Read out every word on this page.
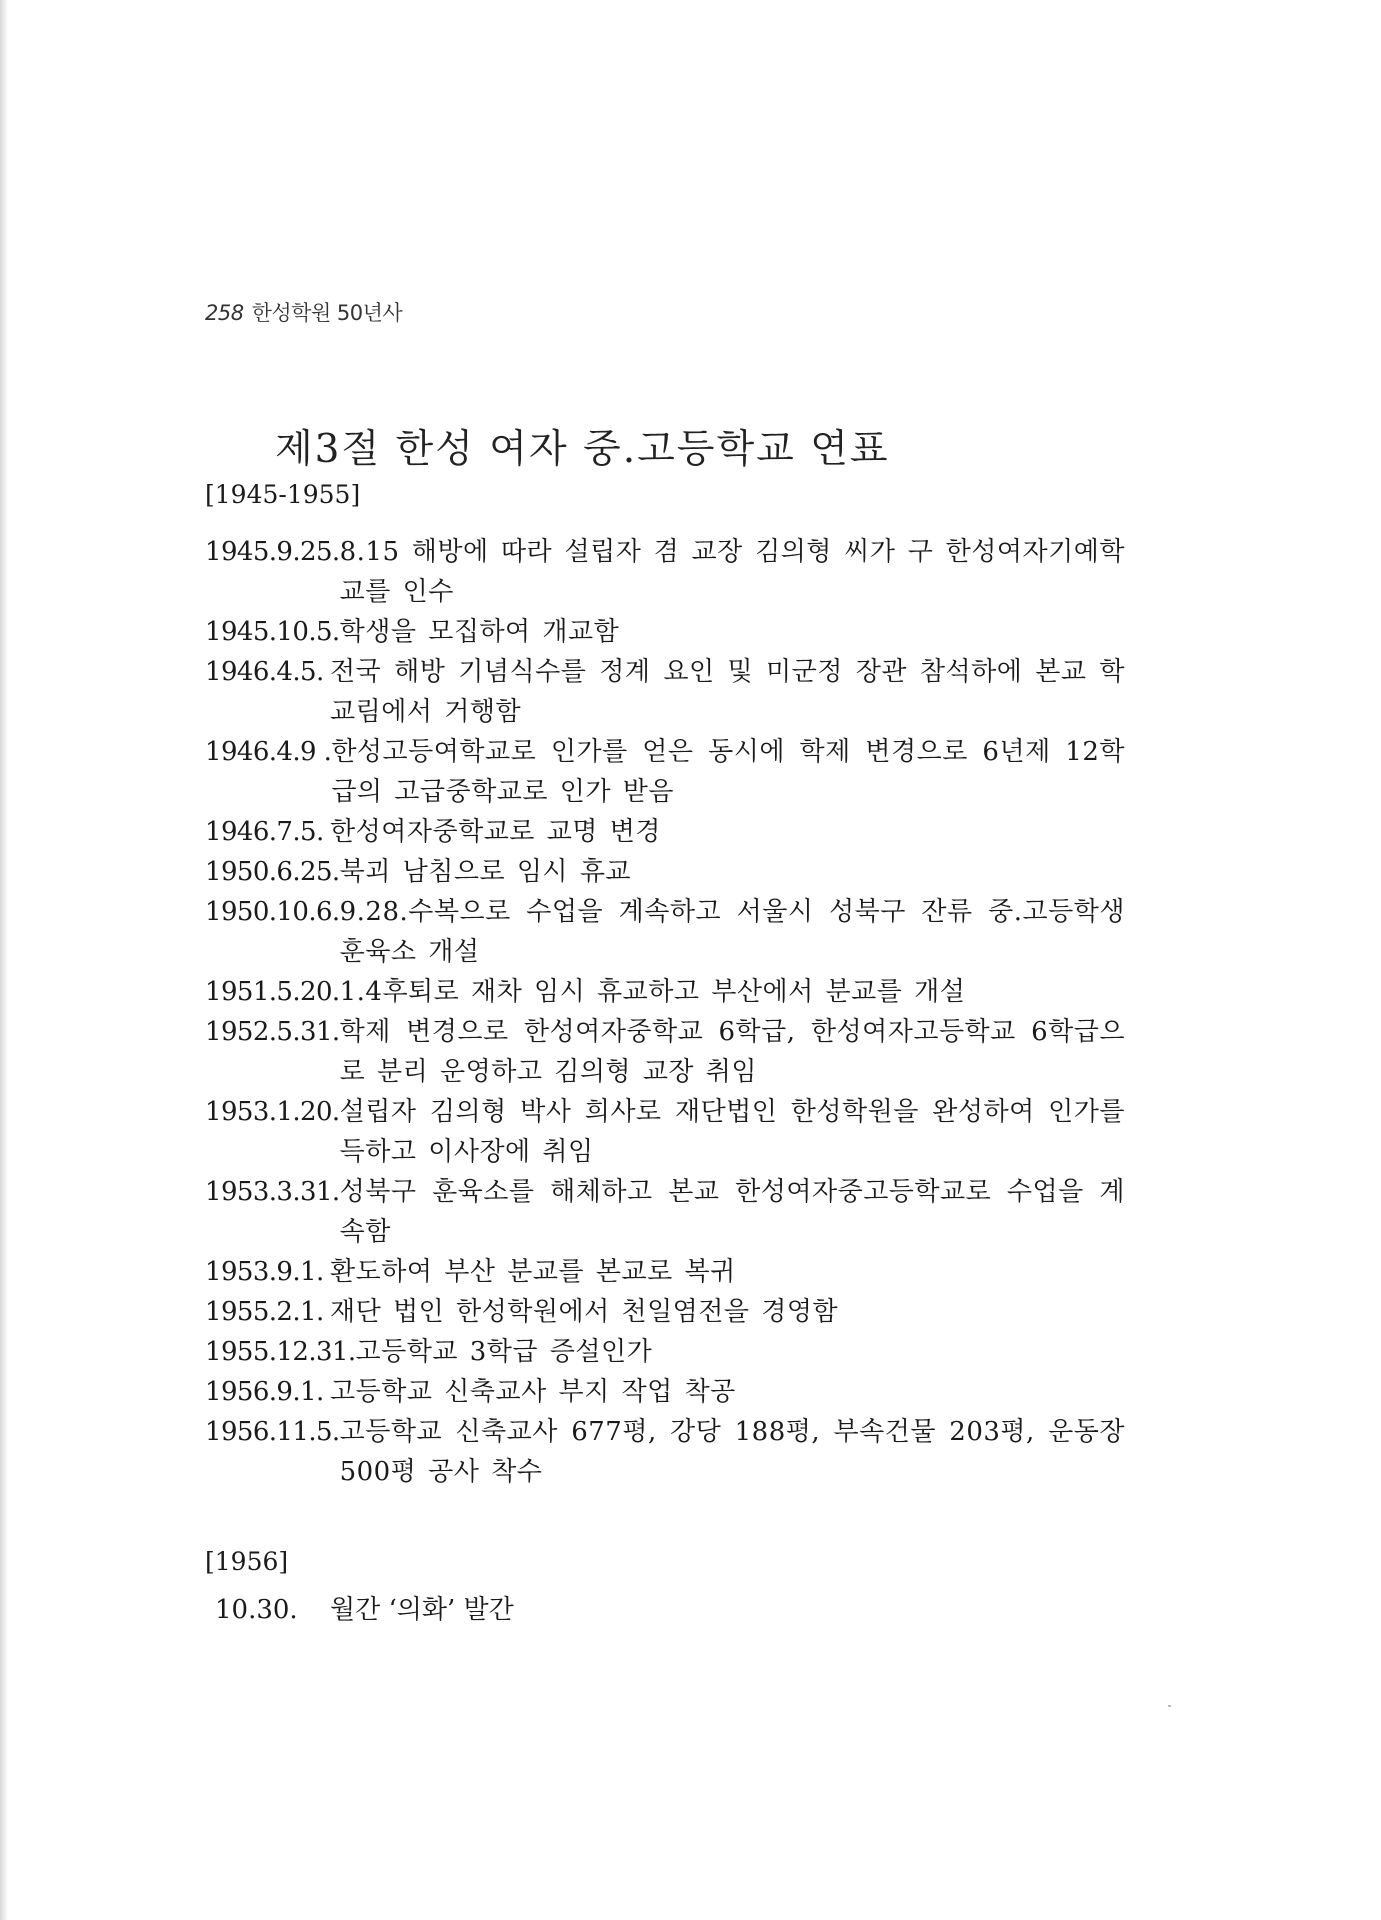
258 한성학원 50년사
제3절 한성 여자 중.고등학교 연표
[1945-1955]
1945.9.25. 8.15 해방에 따라 설립자 겸 교장 김의형 씨가 구 한성여자기예학교를 인수
1945.10.5. 학생을 모집하여 개교함
1946.4.5. 전국 해방 기념식수를 정계 요인 및 미군정 장관 참석하에 본교 학교림에서 거행함
1946.4.9 . 한성고등여학교로 인가를 얻은 동시에 학제 변경으로 6년제 12학급의 고급중학교로 인가 받음
1946.7.5. 한성여자중학교로 교명 변경
1950.6.25. 북괴 남침으로 임시 휴교
1950.10.6. 9.28.수복으로 수업을 계속하고 서울시 성북구 잔류 중.고등학생 훈육소 개설
1951.5.20. 1.4후퇴로 재차 임시 휴교하고 부산에서 분교를 개설
1952.5.31. 학제 변경으로 한성여자중학교 6학급, 한성여자고등학교 6학급으로 분리 운영하고 김의형 교장 취임
1953.1.20. 설립자 김의형 박사 희사로 재단법인 한성학원을 완성하여 인가를 득하고 이사장에 취임
1953.3.31. 성북구 훈육소를 해체하고 본교 한성여자중고등학교로 수업을 계속함
1953.9.1. 환도하여 부산 분교를 본교로 복귀
1955.2.1. 재단 법인 한성학원에서 천일염전을 경영함
1955.12.31. 고등학교 3학급 증설인가
1956.9.1. 고등학교 신축교사 부지 작업 착공
1956.11.5. 고등학교 신축교사 677평, 강당 188평, 부속건물 203평, 운동장 500평 공사 착수
[1956]
10.30.	월간 ‘의화’ 발간
